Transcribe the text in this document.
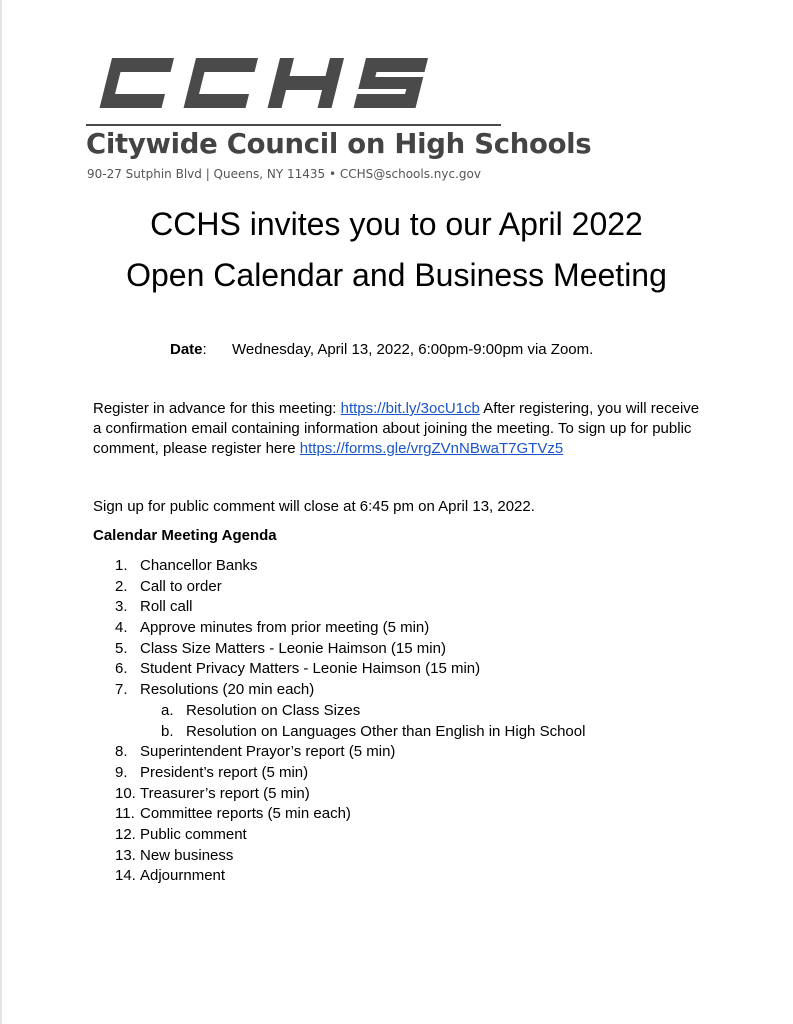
Citywide Council on High Schools
90-27 Sutphin Blvd | Queens, NY 11435 • CCHS@schools.nyc.gov
CCHS invites you to our April 2022
Open Calendar and Business Meeting
Date: Wednesday, April 13, 2022, 6:00pm-9:00pm via Zoom.
Register in advance for this meeting: https://bit.ly/3ocU1cb After registering, you will receive a confirmation email containing information about joining the meeting. To sign up for public comment, please register here https://forms.gle/vrgZVnNBwaT7GTVz5
Sign up for public comment will close at 6:45 pm on April 13, 2022.
Calendar Meeting Agenda
1. Chancellor Banks
2. Call to order
3. Roll call
4. Approve minutes from prior meeting (5 min)
5. Class Size Matters - Leonie Haimson (15 min)
6. Student Privacy Matters - Leonie Haimson (15 min)
7. Resolutions (20 min each)
a. Resolution on Class Sizes
b. Resolution on Languages Other than English in High School
8. Superintendent Prayor’s report (5 min)
9. President’s report (5 min)
10. Treasurer’s report (5 min)
11. Committee reports (5 min each)
12. Public comment
13. New business
14. Adjournment
